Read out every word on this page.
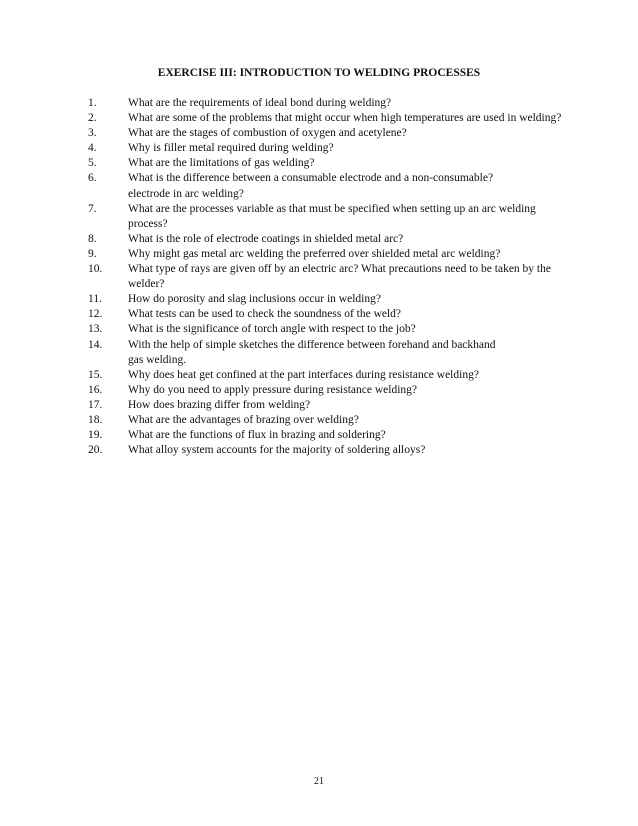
EXERCISE III: INTRODUCTION TO WELDING PROCESSES
1.	What are the requirements of ideal bond during welding?
2.	What are some of the problems that might occur when high temperatures are used in welding?
3.	What are the stages of combustion of oxygen and acetylene?
4.	Why is filler metal required during welding?
5.	What are the limitations of gas welding?
6.	What is the difference between a consumable electrode and a non-consumable?
electrode in arc welding?
7.	What are the processes variable as that must be specified when setting up an arc welding
process?
8.	What is the role of electrode coatings in shielded metal arc?
9.	Why might gas metal arc welding the preferred over shielded metal arc welding?
10.	What type of rays are given off by an electric arc? What precautions need to be taken by the
welder?
11.	How do porosity and slag inclusions occur in welding?
12.	What tests can be used to check the soundness of the weld?
13.	What is the significance of torch angle with respect to the job?
14.	With the help of simple sketches the difference between forehand and backhand
gas welding.
15.	Why does heat get confined at the part interfaces during resistance welding?
16.	Why do you need to apply pressure during resistance welding?
17.	How does brazing differ from welding?
18.	What are the advantages of brazing over welding?
19.	What are the functions of flux in brazing and soldering?
20.	What alloy system accounts for the majority of soldering alloys?
21
